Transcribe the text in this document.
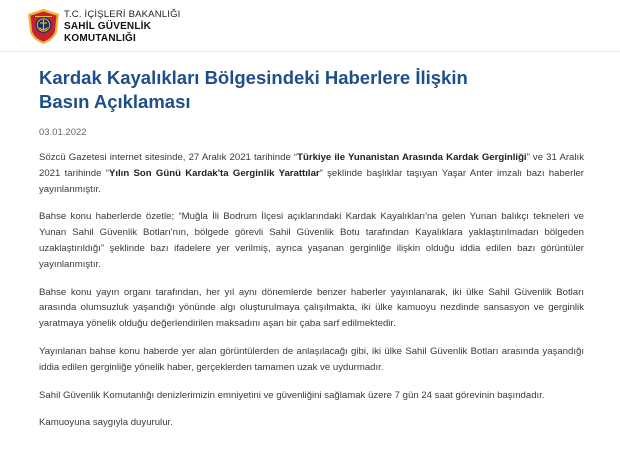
T.C. İÇİŞLERİ BAKANLIĞI
SAHİL GÜVENLİK
KOMUTANLIĞI
Kardak Kayalıkları Bölgesindeki Haberlere İlişkin Basın Açıklaması
03.01.2022

Sözcü Gazetesi internet sitesinde, 27 Aralık 2021 tarihinde “Türkiye ile Yunanistan Arasında Kardak Gerginliği” ve 31 Aralık 2021 tarihinde “Yılın Son Günü Kardak'ta Gerginlik Yarattılar” şeklinde başlıklar taşıyan Yaşar Anter imzalı bazı haberler yayınlanmıştır.

Bahse konu haberlerde özetle; “Muğla İli Bodrum İlçesi açıklarındaki Kardak Kayalıkları'na gelen Yunan balıkçı tekneleri ve Yunan Sahil Güvenlik Botları'nın, bölgede görevli Sahil Güvenlik Botu tarafından Kayalıklara yaklaştırılmadan bölgeden uzaklaştırıldığı” şeklinde bazı ifadelere yer verilmiş, ayrıca yaşanan gerginliğe ilişkin olduğu iddia edilen bazı görüntüler yayınlanmıştır.

Bahse konu yayın organı tarafından, her yıl aynı dönemlerde benzer haberler yayınlanarak, iki ülke Sahil Güvenlik Botları arasında olumsuzluk yaşandığı yönünde algı oluşturulmaya çalışılmakta, iki ülke kamuoyu nezdinde sansasyon ve gerginlik yaratmaya yönelik olduğu değerlendirilen maksadını aşan bir çaba sarf edilmektedir.

Yayınlanan bahse konu haberde yer alan görüntülerden de anlaşılacağı gibi, iki ülke Sahil Güvenlik Botları arasında yaşandığı iddia edilen gerginliğe yönelik haber, gerçeklerden tamamen uzak ve uydurmadır.

Sahil Güvenlik Komutanlığı denizlerimizin emniyetini ve güvenliğini sağlamak üzere 7 gün 24 saat görevinin başındadır.

Kamuoyuna saygıyla duyurulur.
